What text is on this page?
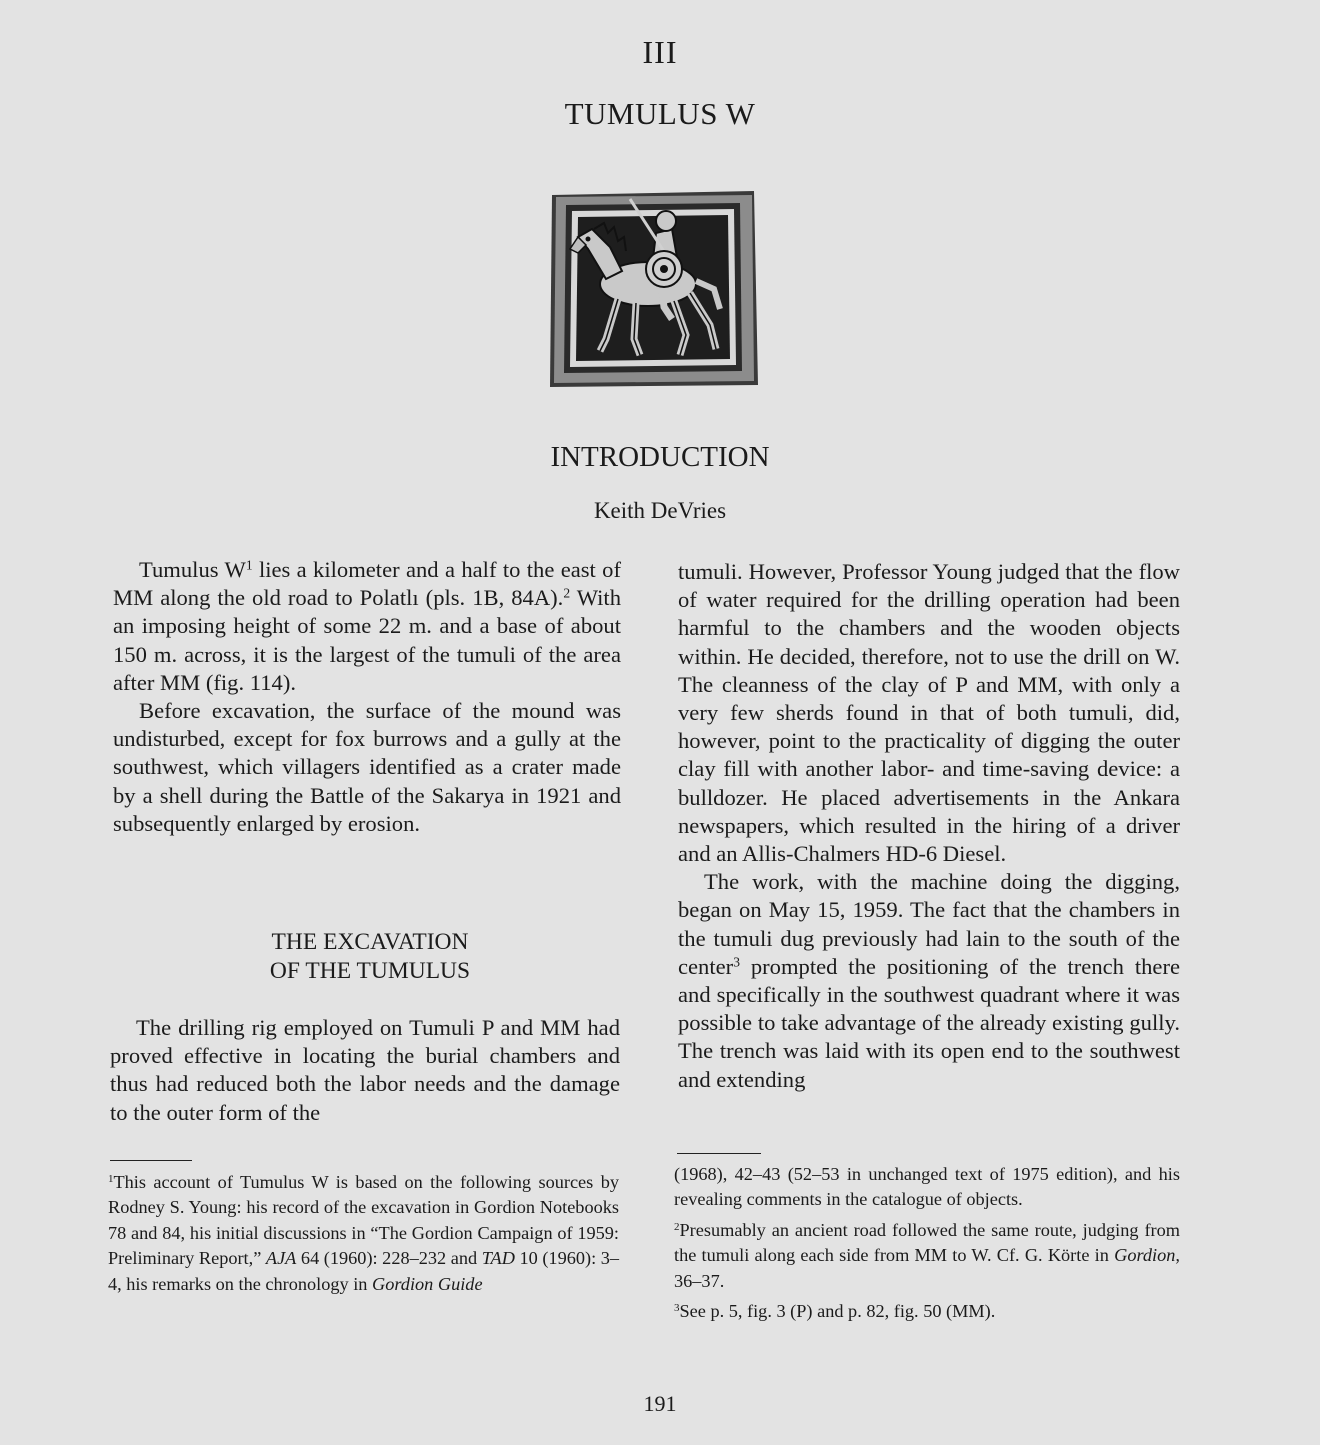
III
TUMULUS W
INTRODUCTION
Keith DeVries

Tumulus $W^1$ lies a kilometer and a half to the east of MM along the old road to Polatlı (pls. 1B, 84A).$^2$ With an imposing height of some 22 m. and a base of about 150 m. across, it is the largest of the tumuli of the area after MM (fig. 114).

Before excavation, the surface of the mound was undisturbed, except for fox burrows and a gully at the southwest, which villagers identified as a crater made by a shell during the Battle of the Sakarya in 1921 and subsequently enlarged by erosion.

THE EXCAVATION
OF THE TUMULUS

The drilling rig employed on Tumuli P and MM had proved effective in locating the burial chambers and thus had reduced both the labor needs and the damage to the outer form of the

tumuli. However, Professor Young judged that the flow of water required for the drilling operation had been harmful to the chambers and the wooden objects within. He decided, therefore, not to use the drill on W. The cleanness of the clay of P and MM, with only a very few sherds found in that of both tumuli, did, however, point to the practicality of digging the outer clay fill with another labor- and time-saving device: a bulldozer. He placed advertisements in the Ankara newspapers, which resulted in the hiring of a driver and an Allis-Chalmers HD-6 Diesel.

The work, with the machine doing the digging, began on May 15, 1959. The fact that the chambers in the tumuli dug previously had lain to the south of the center$^3$ prompted the positioning of the trench there and specifically in the southwest quadrant where it was possible to take advantage of the already existing gully. The trench was laid with its open end to the southwest and extending

$^1$This account of Tumulus W is based on the following sources by Rodney S. Young: his record of the excavation in Gordion Notebooks 78 and 84, his initial discussions in “The Gordion Campaign of 1959: Preliminary Report,” AJA 64 (1960): 228–232 and TAD 10 (1960): 3–4, his remarks on the chronology in Gordion Guide

(1968), 42–43 (52–53 in unchanged text of 1975 edition), and his revealing comments in the catalogue of objects.

$^2$Presumably an ancient road followed the same route, judging from the tumuli along each side from MM to W. Cf. G. Körte in Gordion, 36–37.

$^3$See p. 5, fig. 3 (P) and p. 82, fig. 50 (MM).

191
